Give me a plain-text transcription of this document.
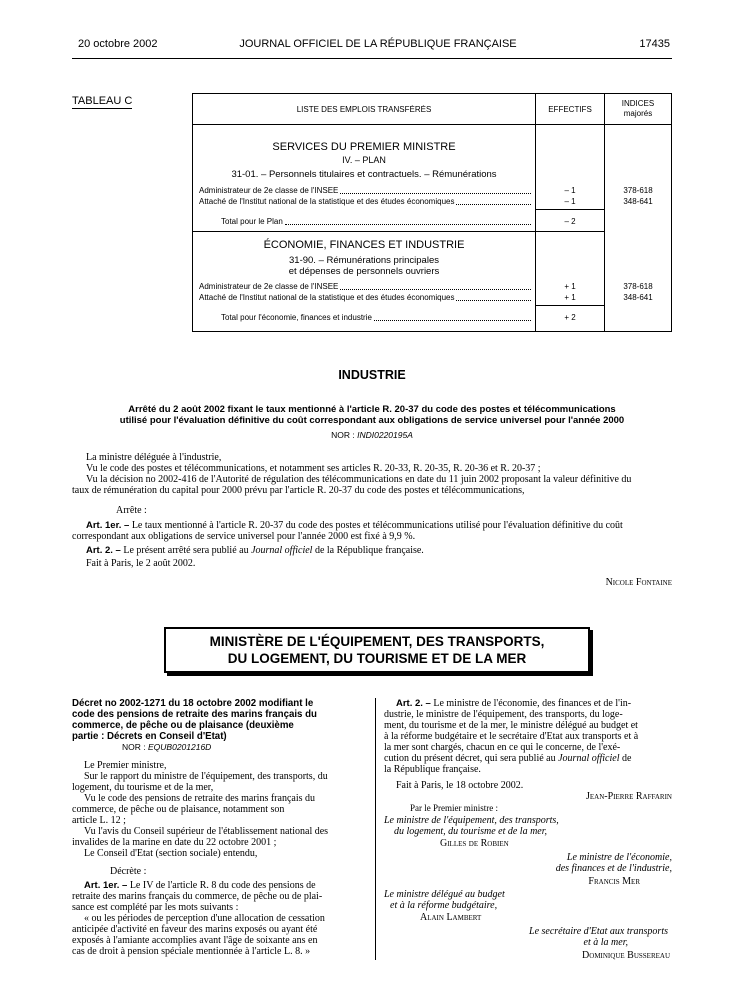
20 octobre 2002	JOURNAL OFFICIEL DE LA RÉPUBLIQUE FRANÇAISE	17435
TABLEAU C
LISTE DES EMPLOIS TRANSFÉRÉS	EFFECTIFS
INDICES
majorés
SERVICES DU PREMIER MINISTRE
IV. – PLAN
31-01. – Personnels titulaires et contractuels. – Rémunérations
Administrateur de 2e classe de l'INSEE	– 1	378-618
Attaché de l'Institut national de la statistique et des études économiques	– 1	348-641
Total pour le Plan	– 2
ÉCONOMIE, FINANCES ET INDUSTRIE
31-90. – Rémunérations principales
et dépenses de personnels ouvriers
Administrateur de 2e classe de l'INSEE	+ 1	378-618
Attaché de l'Institut national de la statistique et des études économiques	+ 1	348-641
Total pour l'économie, finances et industrie	+ 2
INDUSTRIE
Arrêté du 2 août 2002 fixant le taux mentionné à l'article R. 20-37 du code des postes et télécommunications
utilisé pour l'évaluation définitive du coût correspondant aux obligations de service universel pour l'année 2000
NOR : INDI0220195A
La ministre déléguée à l'industrie,
Vu le code des postes et télécommunications, et notamment ses articles R. 20-33, R. 20-35, R. 20-36 et R. 20-37 ;
Vu la décision no 2002-416 de l'Autorité de régulation des télécommunications en date du 11 juin 2002 proposant la valeur définitive du
taux de rémunération du capital pour 2000 prévu par l'article R. 20-37 du code des postes et télécommunications,
Arrête :
Art. 1er. – Le taux mentionné à l'article R. 20-37 du code des postes et télécommunications utilisé pour l'évaluation définitive du coût
correspondant aux obligations de service universel pour l'année 2000 est fixé à 9,9 %.
Art. 2. – Le présent arrêté sera publié au Journal officiel de la République française.
Fait à Paris, le 2 août 2002.
Nicole Fontaine
MINISTÈRE DE L'ÉQUIPEMENT, DES TRANSPORTS,
DU LOGEMENT, DU TOURISME ET DE LA MER
Décret no 2002-1271 du 18 octobre 2002 modifiant le
code des pensions de retraite des marins français du
commerce, de pêche ou de plaisance (deuxième
partie : Décrets en Conseil d'Etat)
NOR : EQUB0201216D
Le Premier ministre,
Sur le rapport du ministre de l'équipement, des transports, du
logement, du tourisme et de la mer,
Vu le code des pensions de retraite des marins français du
commerce, de pêche ou de plaisance, notamment son
article L. 12 ;
Vu l'avis du Conseil supérieur de l'établissement national des
invalides de la marine en date du 22 octobre 2001 ;
Le Conseil d'Etat (section sociale) entendu,
Décrète :
Art. 1er. – Le IV de l'article R. 8 du code des pensions de
retraite des marins français du commerce, de pêche ou de plai-
sance est complété par les mots suivants :
« ou les périodes de perception d'une allocation de cessation
anticipée d'activité en faveur des marins exposés ou ayant été
exposés à l'amiante accomplies avant l'âge de soixante ans en
cas de droit à pension spéciale mentionnée à l'article L. 8. »
Art. 2. – Le ministre de l'économie, des finances et de l'in-
dustrie, le ministre de l'équipement, des transports, du loge-
ment, du tourisme et de la mer, le ministre délégué au budget et
à la réforme budgétaire et le secrétaire d'Etat aux transports et à
la mer sont chargés, chacun en ce qui le concerne, de l'exé-
cution du présent décret, qui sera publié au Journal officiel de
la République française.
Fait à Paris, le 18 octobre 2002.
Jean-Pierre Raffarin
Par le Premier ministre :
Le ministre de l'équipement, des transports,
du logement, du tourisme et de la mer,
Gilles de Robien
Le ministre de l'économie,
des finances et de l'industrie,
Francis Mer
Le ministre délégué au budget
et à la réforme budgétaire,
Alain Lambert
Le secrétaire d'Etat aux transports
et à la mer,
Dominique Bussereau
